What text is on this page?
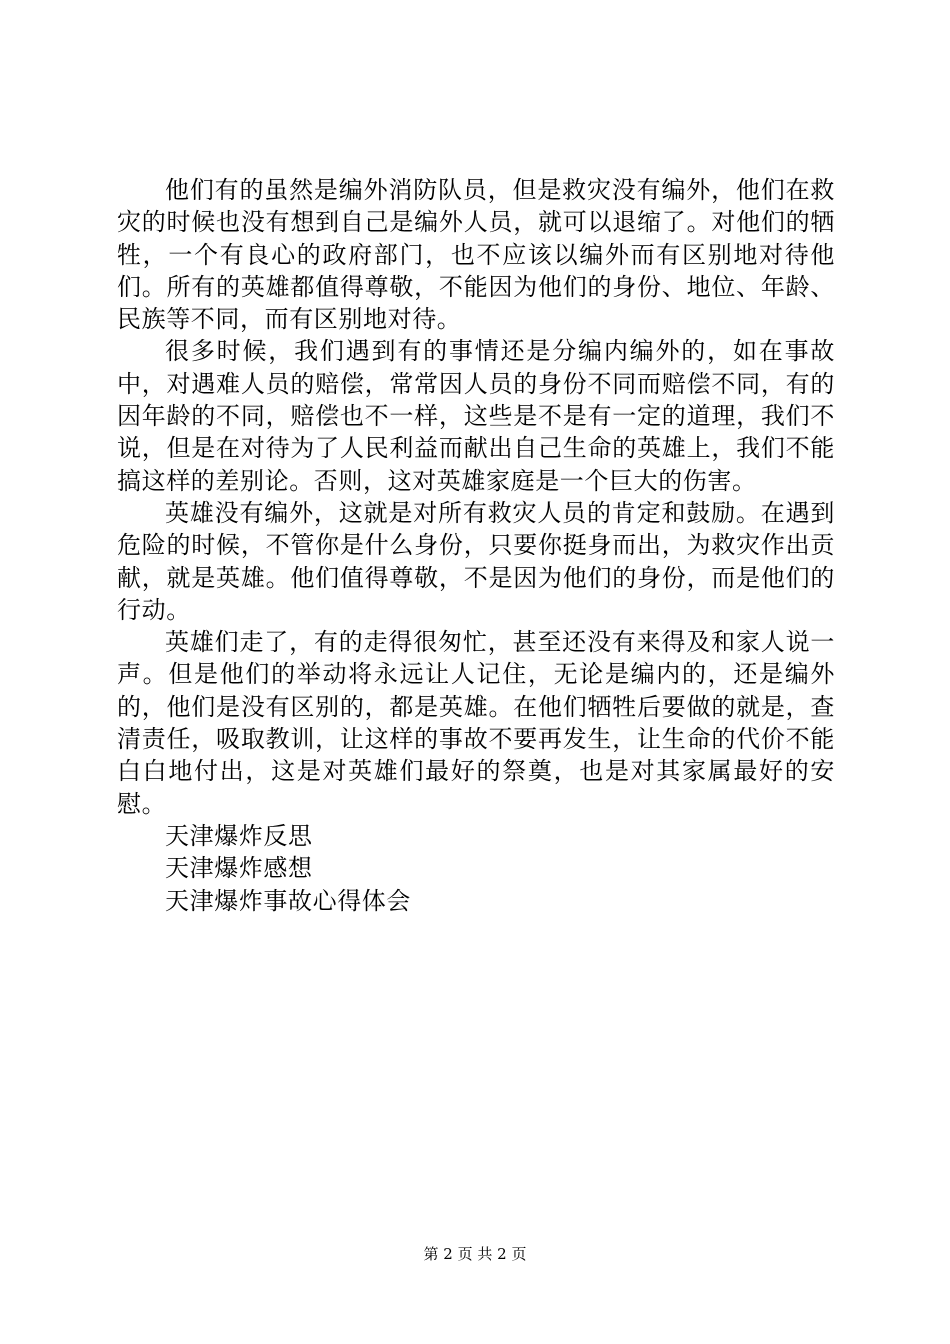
他们有的虽然是编外消防队员，但是救灾没有编外，他们在救灾的时候也没有想到自己是编外人员，就可以退缩了。对他们的牺牲，一个有良心的政府部门，也不应该以编外而有区别地对待他们。所有的英雄都值得尊敬，不能因为他们的身份、地位、年龄、民族等不同，而有区别地对待。

很多时候，我们遇到有的事情还是分编内编外的，如在事故中，对遇难人员的赔偿，常常因人员的身份不同而赔偿不同，有的因年龄的不同，赔偿也不一样，这些是不是有一定的道理，我们不说，但是在对待为了人民利益而献出自己生命的英雄上，我们不能搞这样的差别论。否则，这对英雄家庭是一个巨大的伤害。

英雄没有编外，这就是对所有救灾人员的肯定和鼓励。在遇到危险的时候，不管你是什么身份，只要你挺身而出，为救灾作出贡献，就是英雄。他们值得尊敬，不是因为他们的身份，而是他们的行动。

英雄们走了，有的走得很匆忙，甚至还没有来得及和家人说一声。但是他们的举动将永远让人记住，无论是编内的，还是编外的，他们是没有区别的，都是英雄。在他们牺牲后要做的就是，查清责任，吸取教训，让这样的事故不要再发生，让生命的代价不能白白地付出，这是对英雄们最好的祭奠，也是对其家属最好的安慰。

天津爆炸反思

天津爆炸感想

天津爆炸事故心得体会

第 2 页 共 2 页
